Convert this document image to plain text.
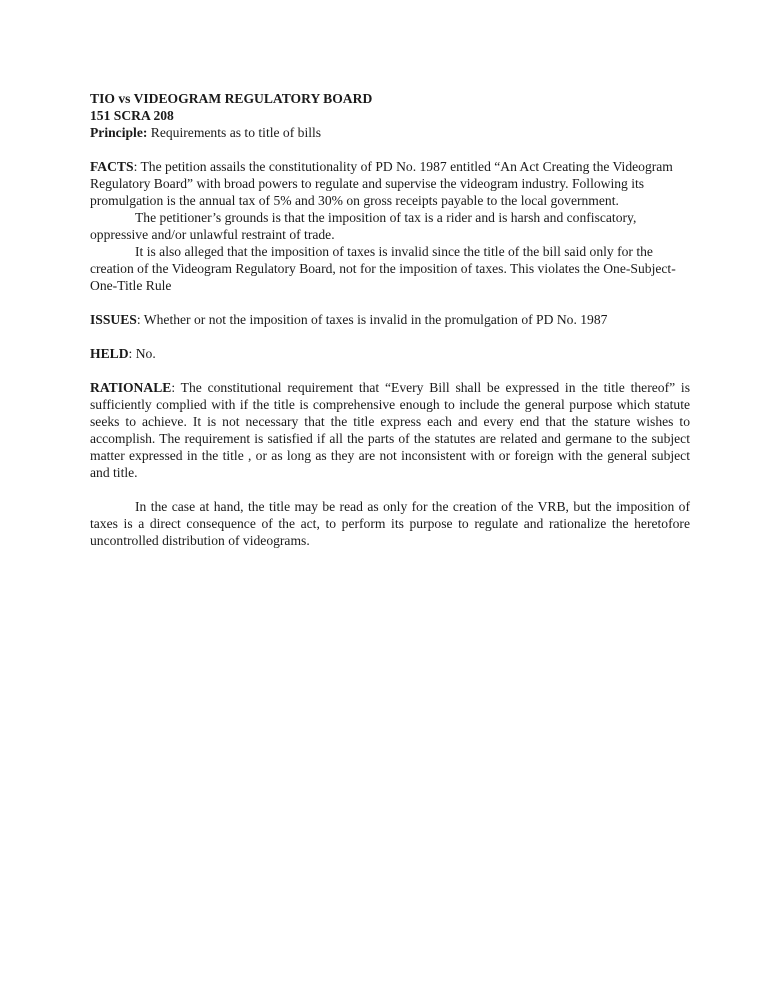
TIO vs VIDEOGRAM REGULATORY BOARD

151 SCRA 208

Principle: Requirements as to title of bills

FACTS: The petition assails the constitutionality of PD No. 1987 entitled “An Act Creating the Videogram Regulatory Board” with broad powers to regulate and supervise the videogram industry. Following its promulgation is the annual tax of 5% and 30% on gross receipts payable to the local government.

The petitioner’s grounds is that the imposition of tax is a rider and is harsh and confiscatory, oppressive and/or unlawful restraint of trade.

It is also alleged that the imposition of taxes is invalid since the title of the bill said only for the creation of the Videogram Regulatory Board, not for the imposition of taxes. This violates the One-Subject-One-Title Rule

ISSUES: Whether or not the imposition of taxes is invalid in the promulgation of PD No. 1987

HELD: No.

RATIONALE: The constitutional requirement that “Every Bill shall be expressed in the title thereof” is sufficiently complied with if the title is comprehensive enough to include the general purpose which statute seeks to achieve. It is not necessary that the title express each and every end that the stature wishes to accomplish. The requirement is satisfied if all the parts of the statutes are related and germane to the subject matter expressed in the title , or as long as they are not inconsistent with or foreign with the general subject and title.

In the case at hand, the title may be read as only for the creation of the VRB, but the imposition of taxes is a direct consequence of the act, to perform its purpose to regulate and rationalize the heretofore uncontrolled distribution of videograms.
